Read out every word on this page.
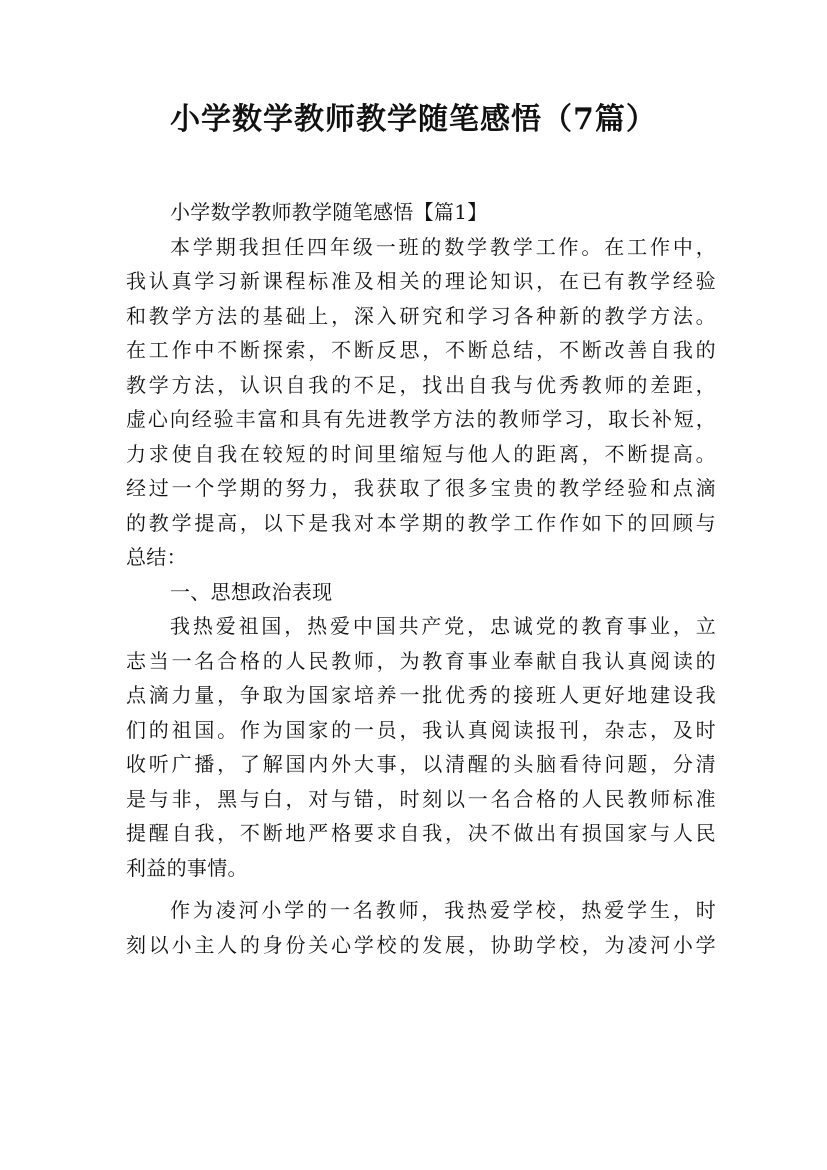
小学数学教师教学随笔感悟（7篇）
小学数学教师教学随笔感悟【篇1】
本学期我担任四年级一班的数学教学工作。在工作中，
我认真学习新课程标准及相关的理论知识，在已有教学经验
和教学方法的基础上，深入研究和学习各种新的教学方法。
在工作中不断探索，不断反思，不断总结，不断改善自我的
教学方法，认识自我的不足，找出自我与优秀教师的差距，
虚心向经验丰富和具有先进教学方法的教师学习，取长补短，
力求使自我在较短的时间里缩短与他人的距离，不断提高。
经过一个学期的努力，我获取了很多宝贵的教学经验和点滴
的教学提高，以下是我对本学期的教学工作作如下的回顾与
总结：
一、思想政治表现
我热爱祖国，热爱中国共产党，忠诚党的教育事业，立
志当一名合格的人民教师，为教育事业奉献自我认真阅读的
点滴力量，争取为国家培养一批优秀的接班人更好地建设我
们的祖国。作为国家的一员，我认真阅读报刊，杂志，及时
收听广播，了解国内外大事，以清醒的头脑看待问题，分清
是与非，黑与白，对与错，时刻以一名合格的人民教师标准
提醒自我，不断地严格要求自我，决不做出有损国家与人民
利益的事情。
作为凌河小学的一名教师，我热爱学校，热爱学生，时
刻以小主人的身份关心学校的发展，协助学校，为凌河小学
